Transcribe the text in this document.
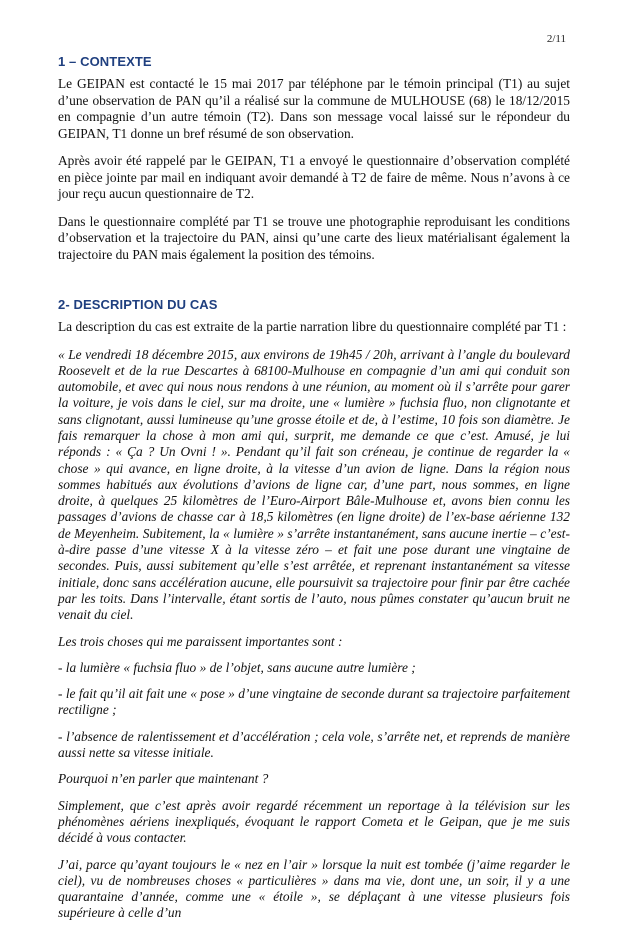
2/11
1 – CONTEXTE

Le GEIPAN est contacté le 15 mai 2017 par téléphone par le témoin principal (T1) au sujet d’une observation de PAN qu’il a réalisé sur la commune de MULHOUSE (68) le 18/12/2015 en compagnie d’un autre témoin (T2). Dans son message vocal laissé sur le répondeur du GEIPAN, T1 donne un bref résumé de son observation.

Après avoir été rappelé par le GEIPAN, T1 a envoyé le questionnaire d’observation complété en pièce jointe par mail en indiquant avoir demandé à T2 de faire de même. Nous n’avons à ce jour reçu aucun questionnaire de T2.

Dans le questionnaire complété par T1 se trouve une photographie reproduisant les conditions d’observation et la trajectoire du PAN, ainsi qu’une carte des lieux matérialisant également la trajectoire du PAN mais également la position des témoins.

2- DESCRIPTION DU CAS

La description du cas est extraite de la partie narration libre du questionnaire complété par T1 :

« Le vendredi 18 décembre 2015, aux environs de 19h45 / 20h, arrivant à l’angle du boulevard Roosevelt et de la rue Descartes à 68100-Mulhouse en compagnie d’un ami qui conduit son automobile, et avec qui nous nous rendons à une réunion, au moment où il s’arrête pour garer la voiture, je vois dans le ciel, sur ma droite, une « lumière » fuchsia fluo, non clignotante et sans clignotant, aussi lumineuse qu’une grosse étoile et de, à l’estime, 10 fois son diamètre. Je fais remarquer la chose à mon ami qui, surprit, me demande ce que c’est. Amusé, je lui réponds : « Ça ? Un Ovni ! ». Pendant qu’il fait son créneau, je continue de regarder la « chose » qui avance, en ligne droite, à la vitesse d’un avion de ligne. Dans la région nous sommes habitués aux évolutions d’avions de ligne car, d’une part, nous sommes, en ligne droite, à quelques 25 kilomètres de l’Euro-Airport Bâle-Mulhouse et, avons bien connu les passages d’avions de chasse car à 18,5 kilomètres (en ligne droite) de l’ex-base aérienne 132 de Meyenheim. Subitement, la « lumière » s’arrête instantanément, sans aucune inertie – c’est-à-dire passe d’une vitesse X à la vitesse zéro – et fait une pose durant une vingtaine de secondes. Puis, aussi subitement qu’elle s’est arrêtée, et reprenant instantanément sa vitesse initiale, donc sans accélération aucune, elle poursuivit sa trajectoire pour finir par être cachée par les toits. Dans l’intervalle, étant sortis de l’auto, nous pûmes constater qu’aucun bruit ne venait du ciel.

Les trois choses qui me paraissent importantes sont :

- la lumière « fuchsia fluo » de l’objet, sans aucune autre lumière ;

- le fait qu’il ait fait une « pose » d’une vingtaine de seconde durant sa trajectoire parfaitement rectiligne ;

- l’absence de ralentissement et d’accélération ; cela vole, s’arrête net, et reprends de manière aussi nette sa vitesse initiale.

Pourquoi n’en parler que maintenant ?

Simplement, que c’est après avoir regardé récemment un reportage à la télévision sur les phénomènes aériens inexpliqués, évoquant le rapport Cometa et le Geipan, que je me suis décidé à vous contacter.

J’ai, parce qu’ayant toujours le « nez en l’air » lorsque la nuit est tombée (j’aime regarder le ciel), vu de nombreuses choses « particulières » dans ma vie, dont une, un soir, il y a une quarantaine d’année, comme une « étoile », se déplaçant à une vitesse plusieurs fois supérieure à celle d’un
